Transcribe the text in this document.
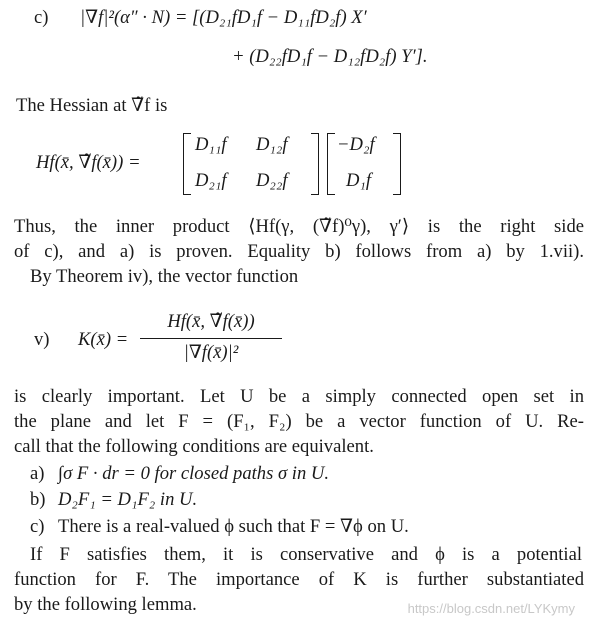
c) |∇f|²(α″ · N) = [(D₂₁fD₁f − D₁₁fD₂f) X′
+ (D₂₂fD₁f − D₁₂fD₂f) Y′].
The Hessian at ∇̃f is
Hf(x̄, ∇̃f(x̄)) =
D₁₁f D₁₂f
D₂₁f D₂₂f
−D₂f
D₁f
Thus, the inner product ⟨Hf(γ, (∇̃f)⁰γ), γ′⟩ is the right side
of c), and a) is proven. Equality b) follows from a) by 1.vii).
By Theorem iv), the vector function
v) K(x̄) =
Hf(x̄, ∇̃f(x̄))
|∇f(x̄)|²
is clearly important. Let U be a simply connected open set in
the plane and let F = (F₁, F₂) be a vector function of U. Re-
call that the following conditions are equivalent.
a) ∫σ F · dr = 0 for closed paths σ in U.
b) D₂F₁ = D₁F₂ in U.
c) There is a real-valued ϕ such that F = ∇ϕ on U.
If F satisfies them, it is conservative and ϕ is a potential
function for F. The importance of K is further substantiated
by the following lemma.	https://blog.csdn.net/LYKymy
